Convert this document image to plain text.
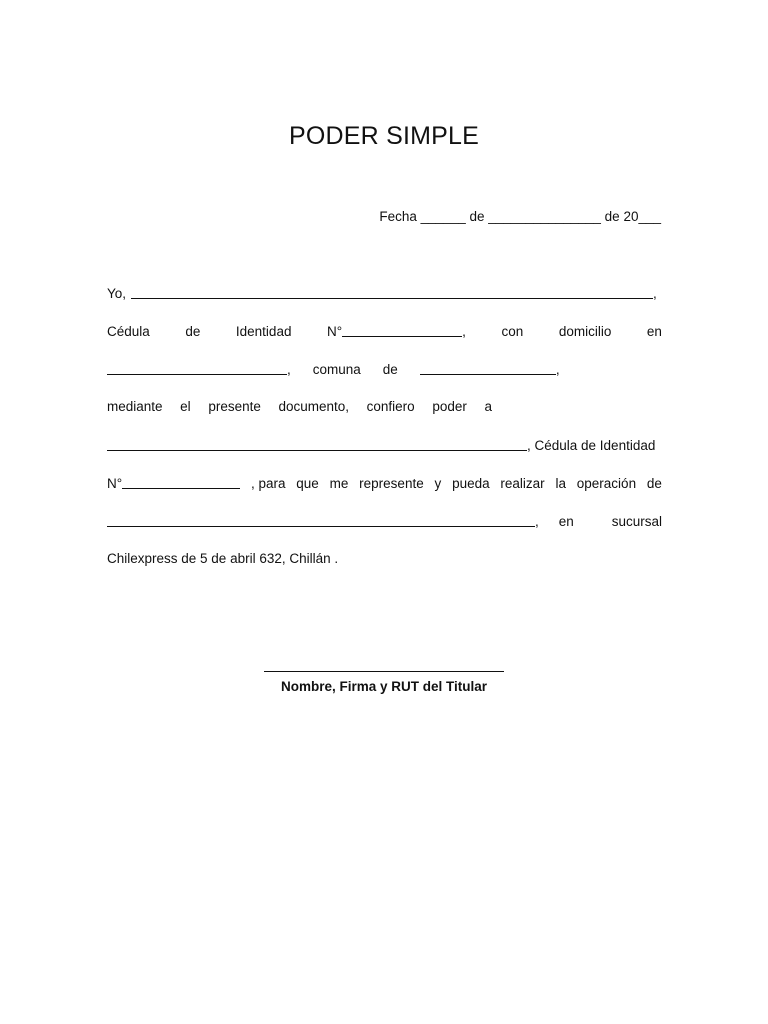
PODER SIMPLE
Fecha ______ de _______________ de 20___
Yo,	,
Cédula	de	Identidad	N°	,	con	domicilio	en
, comuna de	,
mediante el presente documento, confiero poder a
, Cédula de Identidad
N°	, para que me represente y pueda realizar la operación de
, en	sucursal
Chilexpress de 5 de abril 632, Chillán .
Nombre, Firma y RUT del Titular
